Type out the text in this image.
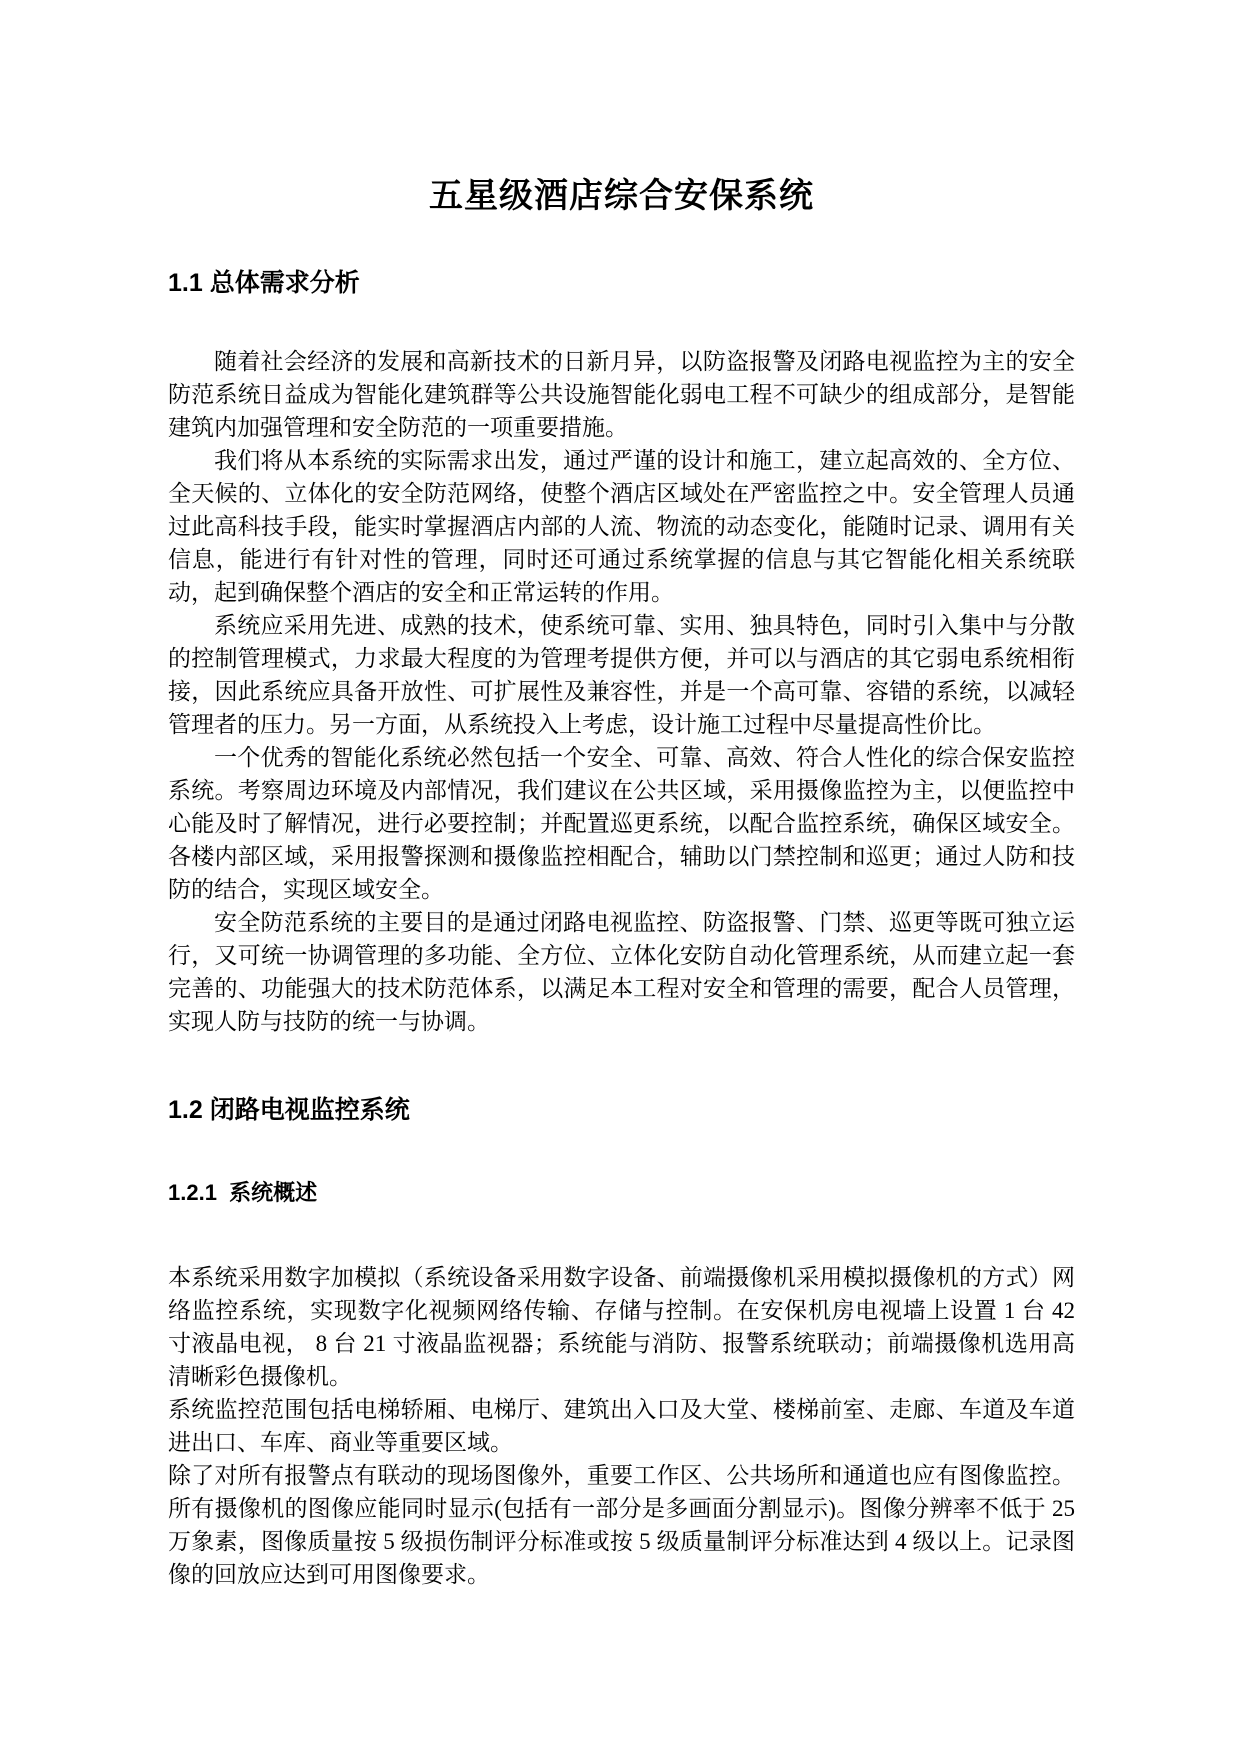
五星级酒店综合安保系统
1.1 总体需求分析

随着社会经济的发展和高新技术的日新月异，以防盗报警及闭路电视监控为主的安全防范系统日益成为智能化建筑群等公共设施智能化弱电工程不可缺少的组成部分，是智能建筑内加强管理和安全防范的一项重要措施。

我们将从本系统的实际需求出发，通过严谨的设计和施工，建立起高效的、全方位、全天候的、立体化的安全防范网络，使整个酒店区域处在严密监控之中。安全管理人员通过此高科技手段，能实时掌握酒店内部的人流、物流的动态变化，能随时记录、调用有关信息，能进行有针对性的管理，同时还可通过系统掌握的信息与其它智能化相关系统联动，起到确保整个酒店的安全和正常运转的作用。

系统应采用先进、成熟的技术，使系统可靠、实用、独具特色，同时引入集中与分散的控制管理模式，力求最大程度的为管理考提供方便，并可以与酒店的其它弱电系统相衔接，因此系统应具备开放性、可扩展性及兼容性，并是一个高可靠、容错的系统，以减轻管理者的压力。另一方面，从系统投入上考虑，设计施工过程中尽量提高性价比。

一个优秀的智能化系统必然包括一个安全、可靠、高效、符合人性化的综合保安监控系统。考察周边环境及内部情况，我们建议在公共区域，采用摄像监控为主，以便监控中心能及时了解情况，进行必要控制；并配置巡更系统，以配合监控系统，确保区域安全。各楼内部区域，采用报警探测和摄像监控相配合，辅助以门禁控制和巡更；通过人防和技防的结合，实现区域安全。

安全防范系统的主要目的是通过闭路电视监控、防盗报警、门禁、巡更等既可独立运行，又可统一协调管理的多功能、全方位、立体化安防自动化管理系统，从而建立起一套完善的、功能强大的技术防范体系，以满足本工程对安全和管理的需要，配合人员管理，实现人防与技防的统一与协调。

1.2 闭路电视监控系统
1.2.1  系统概述

本系统采用数字加模拟（系统设备采用数字设备、前端摄像机采用模拟摄像机的方式）网络监控系统，实现数字化视频网络传输、存储与控制。在安保机房电视墙上设置 1 台 42 寸液晶电视， 8 台 21 寸液晶监视器；系统能与消防、报警系统联动；前端摄像机选用高清晰彩色摄像机。

系统监控范围包括电梯轿厢、电梯厅、建筑出入口及大堂、楼梯前室、走廊、车道及车道进出口、车库、商业等重要区域。

除了对所有报警点有联动的现场图像外，重要工作区、公共场所和通道也应有图像监控。所有摄像机的图像应能同时显示(包括有一部分是多画面分割显示)。图像分辨率不低于 25 万象素，图像质量按 5 级损伤制评分标准或按 5 级质量制评分标准达到 4 级以上。记录图像的回放应达到可用图像要求。
